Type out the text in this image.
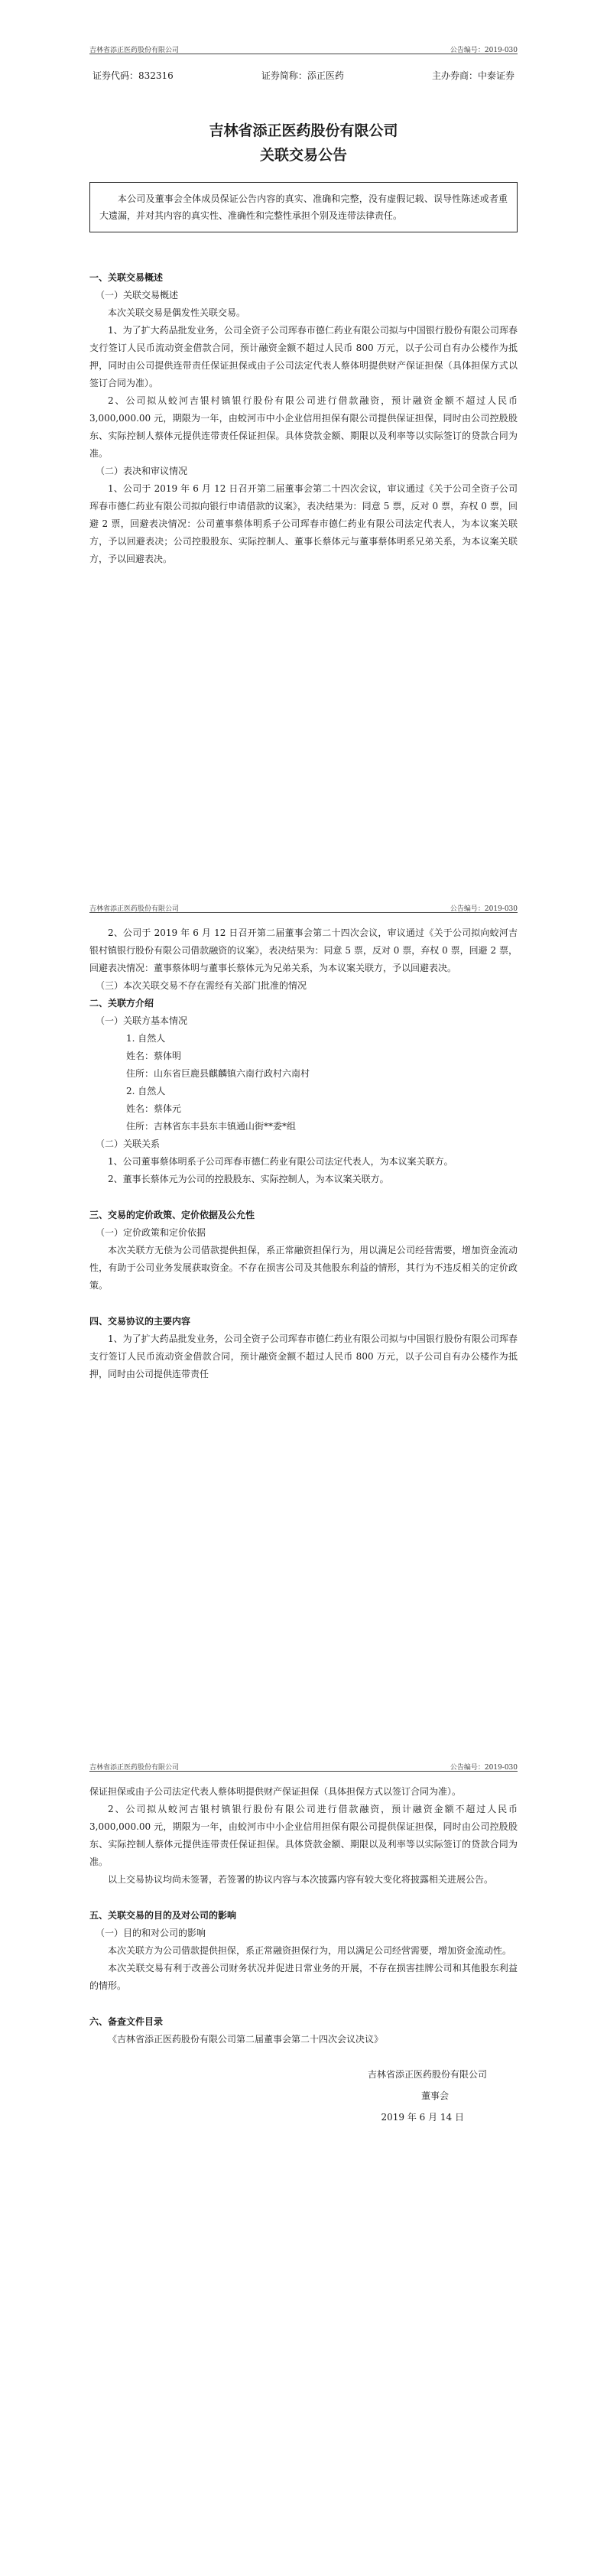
吉林省添正医药股份有限公司	公告编号：2019-030
证券代码：832316	证券简称：添正医药	主办券商：中泰证券

吉林省添正医药股份有限公司

关联交易公告

本公司及董事会全体成员保证公告内容的真实、准确和完整，没有虚假记载、误导性陈述或者重大遗漏，并对其内容的真实性、准确性和完整性承担个别及连带法律责任。

一、关联交易概述

（一）关联交易概述

本次关联交易是偶发性关联交易。

1、为了扩大药品批发业务，公司全资子公司珲春市德仁药业有限公司拟与中国银行股份有限公司珲春支行签订人民币流动资金借款合同，预计融资金额不超过人民币 800 万元，以子公司自有办公楼作为抵押，同时由公司提供连带责任保证担保或由子公司法定代表人蔡体明提供财产保证担保（具体担保方式以签订合同为准）。

2、公司拟从蛟河吉银村镇银行股份有限公司进行借款融资，预计融资金额不超过人民币 3,000,000.00 元，期限为一年，由蛟河市中小企业信用担保有限公司提供保证担保，同时由公司控股股东、实际控制人蔡体元提供连带责任保证担保。具体贷款金额、期限以及利率等以实际签订的贷款合同为准。

（二）表决和审议情况

1、公司于 2019 年 6 月 12 日召开第二届董事会第二十四次会议，审议通过《关于公司全资子公司珲春市德仁药业有限公司拟向银行申请借款的议案》，表决结果为：同意 5 票，反对 0 票，弃权 0 票，回避 2 票，回避表决情况：公司董事蔡体明系子公司珲春市德仁药业有限公司法定代表人，为本议案关联方，予以回避表决；公司控股股东、实际控制人、董事长蔡体元与董事蔡体明系兄弟关系，为本议案关联方，予以回避表决。

吉林省添正医药股份有限公司	公告编号：2019-030

2、公司于 2019 年 6 月 12 日召开第二届董事会第二十四次会议，审议通过《关于公司拟向蛟河吉银村镇银行股份有限公司借款融资的议案》，表决结果为：同意 5 票，反对 0 票，弃权 0 票，回避 2 票，回避表决情况：董事蔡体明与董事长蔡体元为兄弟关系，为本议案关联方，予以回避表决。

（三）本次关联交易不存在需经有关部门批准的情况

二、关联方介绍

（一）关联方基本情况

1. 自然人

姓名：蔡体明

住所：山东省巨鹿县麒麟镇六南行政村六南村

2. 自然人

姓名：蔡体元

住所：吉林省东丰县东丰镇通山街**委*组

（二）关联关系

1、公司董事蔡体明系子公司珲春市德仁药业有限公司法定代表人，为本议案关联方。

2、董事长蔡体元为公司的控股股东、实际控制人，为本议案关联方。

三、交易的定价政策、定价依据及公允性

（一）定价政策和定价依据

本次关联方无偿为公司借款提供担保，系正常融资担保行为，用以满足公司经营需要，增加资金流动性，有助于公司业务发展获取资金。不存在损害公司及其他股东利益的情形，其行为不违反相关的定价政策。

四、交易协议的主要内容

1、为了扩大药品批发业务，公司全资子公司珲春市德仁药业有限公司拟与中国银行股份有限公司珲春支行签订人民币流动资金借款合同，预计融资金额不超过人民币 800 万元，以子公司自有办公楼作为抵押，同时由公司提供连带责任

吉林省添正医药股份有限公司	公告编号：2019-030

保证担保或由子公司法定代表人蔡体明提供财产保证担保（具体担保方式以签订合同为准）。

2、公司拟从蛟河吉银村镇银行股份有限公司进行借款融资，预计融资金额不超过人民币 3,000,000.00 元，期限为一年，由蛟河市中小企业信用担保有限公司提供保证担保，同时由公司控股股东、实际控制人蔡体元提供连带责任保证担保。具体贷款金额、期限以及利率等以实际签订的贷款合同为准。

以上交易协议均尚未签署，若签署的协议内容与本次披露内容有较大变化将披露相关进展公告。

五、关联交易的目的及对公司的影响

（一）目的和对公司的影响

本次关联方为公司借款提供担保，系正常融资担保行为，用以满足公司经营需要，增加资金流动性。

本次关联交易有利于改善公司财务状况并促进日常业务的开展，不存在损害挂牌公司和其他股东利益的情形。

六、备查文件目录

《吉林省添正医药股份有限公司第二届董事会第二十四次会议决议》

吉林省添正医药股份有限公司

董事会

2019 年 6 月 14 日
